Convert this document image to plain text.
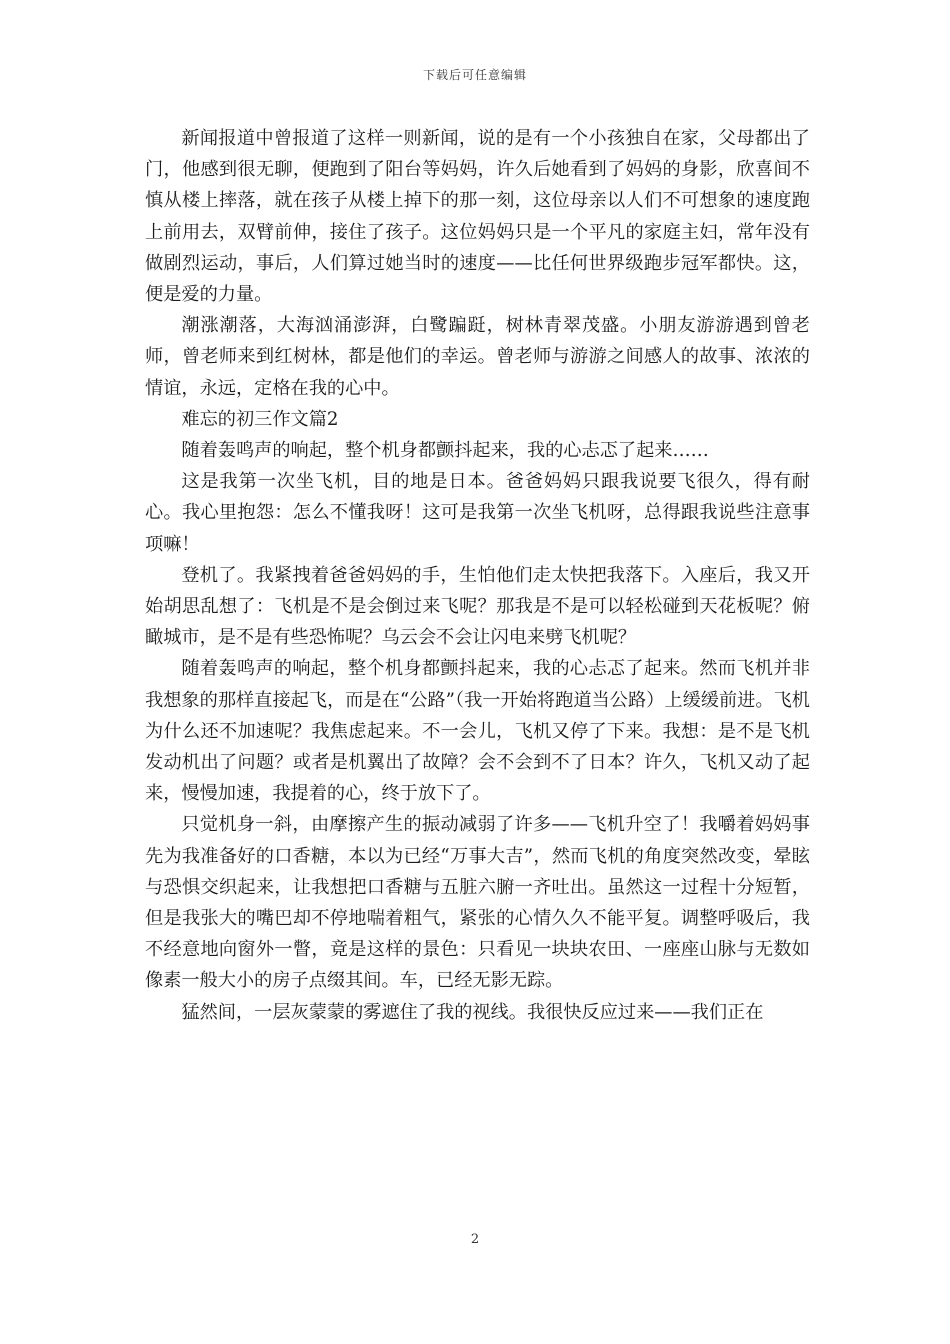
下载后可任意编辑

新闻报道中曾报道了这样一则新闻，说的是有一个小孩独自在家，父母都出了门，他感到很无聊，便跑到了阳台等妈妈，许久后她看到了妈妈的身影，欣喜间不慎从楼上摔落，就在孩子从楼上掉下的那一刻，这位母亲以人们不可想象的速度跑上前用去，双臂前伸，接住了孩子。这位妈妈只是一个平凡的家庭主妇，常年没有做剧烈运动，事后，人们算过她当时的速度——比任何世界级跑步冠军都快。这，便是爱的力量。

潮涨潮落，大海汹涌澎湃，白鹭蹁跹，树林青翠茂盛。小朋友游游遇到曾老师，曾老师来到红树林，都是他们的幸运。曾老师与游游之间感人的故事、浓浓的情谊，永远，定格在我的心中。

难忘的初三作文篇2

随着轰鸣声的响起，整个机身都颤抖起来，我的心忐忑了起来……

这是我第一次坐飞机，目的地是日本。爸爸妈妈只跟我说要飞很久，得有耐心。我心里抱怨：怎么不懂我呀！这可是我第一次坐飞机呀，总得跟我说些注意事项嘛！

登机了。我紧拽着爸爸妈妈的手，生怕他们走太快把我落下。入座后，我又开始胡思乱想了：飞机是不是会倒过来飞呢？那我是不是可以轻松碰到天花板呢？俯瞰城市，是不是有些恐怖呢？乌云会不会让闪电来劈飞机呢？

随着轰鸣声的响起，整个机身都颤抖起来，我的心忐忑了起来。然而飞机并非我想象的那样直接起飞，而是在“公路”（我一开始将跑道当公路）上缓缓前进。飞机为什么还不加速呢？我焦虑起来。不一会儿，飞机又停了下来。我想：是不是飞机发动机出了问题？或者是机翼出了故障？会不会到不了日本？许久，飞机又动了起来，慢慢加速，我提着的心，终于放下了。

只觉机身一斜，由摩擦产生的振动减弱了许多——飞机升空了！我嚼着妈妈事先为我准备好的口香糖，本以为已经“万事大吉”，然而飞机的角度突然改变，晕眩与恐惧交织起来，让我想把口香糖与五脏六腑一齐吐出。虽然这一过程十分短暂，但是我张大的嘴巴却不停地喘着粗气，紧张的心情久久不能平复。调整呼吸后，我不经意地向窗外一瞥，竟是这样的景色：只看见一块块农田、一座座山脉与无数如像素一般大小的房子点缀其间。车，已经无影无踪。

猛然间，一层灰蒙蒙的雾遮住了我的视线。我很快反应过来——我们正在

2
